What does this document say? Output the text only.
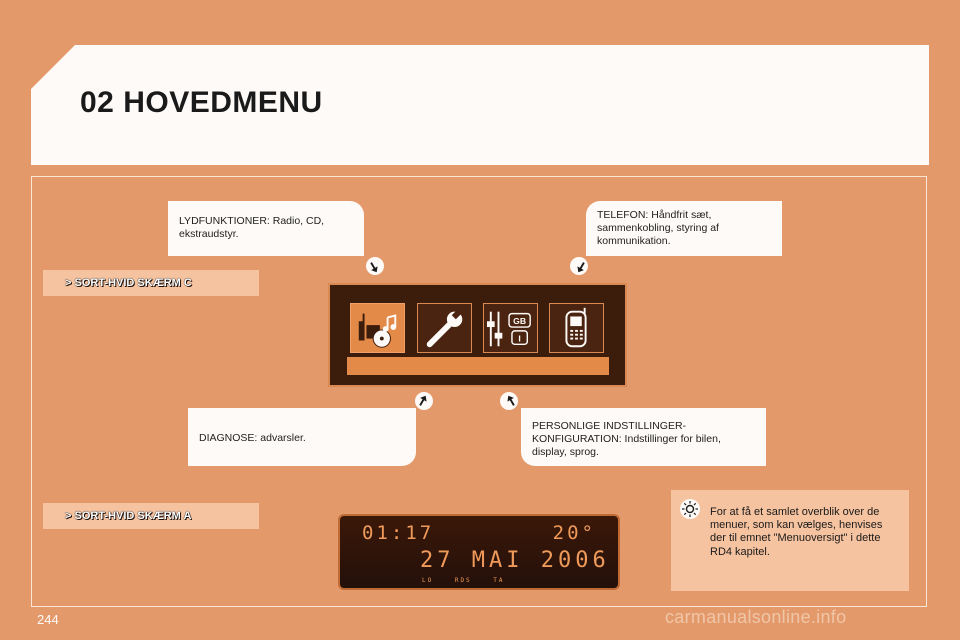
02 HOVEDMENU
LYDFUNKTIONER: Radio, CD, ekstraudstyr.
TELEFON: Håndfrit sæt, sammenkobling, styring af kommunikation.
> SORT-HVID SKÆRM C
GB
I
DIAGNOSE: advarsler.
PERSONLIGE INDSTILLINGER-KONFIGURATION: Indstillinger for bilen, display, sprog.
> SORT-HVID SKÆRM A
01:17	20°
27 MAI 2006
LO RDS TA
For at få et samlet overblik over de menuer, som kan vælges, henvises der til emnet "Menuoversigt" i dette RD4 kapitel.
244	carmanualsonline.info
